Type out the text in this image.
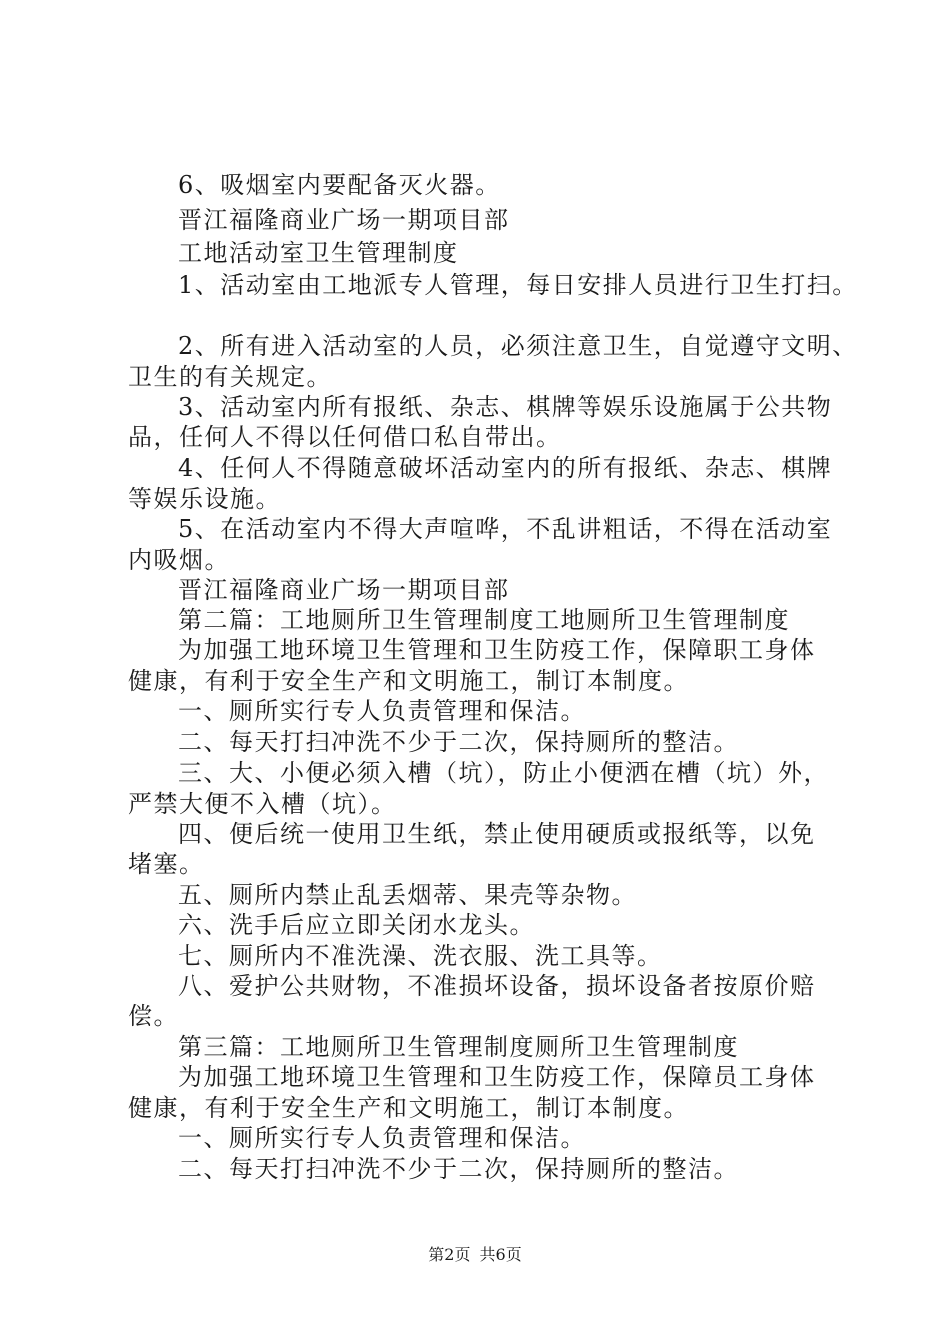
6、吸烟室内要配备灭火器。
晋江福隆商业广场一期项目部
工地活动室卫生管理制度
1、活动室由工地派专人管理，每日安排人员进行卫生打扫。
2、所有进入活动室的人员，必须注意卫生，自觉遵守文明、
卫生的有关规定。
3、活动室内所有报纸、杂志、棋牌等娱乐设施属于公共物
品，任何人不得以任何借口私自带出。
4、任何人不得随意破坏活动室内的所有报纸、杂志、棋牌
等娱乐设施。
5、在活动室内不得大声喧哗，不乱讲粗话，不得在活动室
内吸烟。
晋江福隆商业广场一期项目部
第二篇：工地厕所卫生管理制度工地厕所卫生管理制度
为加强工地环境卫生管理和卫生防疫工作，保障职工身体
健康，有利于安全生产和文明施工，制订本制度。
一、厕所实行专人负责管理和保洁。
二、每天打扫冲洗不少于二次，保持厕所的整洁。
三、大、小便必须入槽（坑），防止小便洒在槽（坑）外，
严禁大便不入槽（坑）。
四、便后统一使用卫生纸，禁止使用硬质或报纸等，以免
堵塞。
五、厕所内禁止乱丢烟蒂、果壳等杂物。
六、洗手后应立即关闭水龙头。
七、厕所内不准洗澡、洗衣服、洗工具等。
八、爱护公共财物，不准损坏设备，损坏设备者按原价赔
偿。
第三篇：工地厕所卫生管理制度厕所卫生管理制度
为加强工地环境卫生管理和卫生防疫工作，保障员工身体
健康，有利于安全生产和文明施工，制订本制度。
一、厕所实行专人负责管理和保洁。
二、每天打扫冲洗不少于二次，保持厕所的整洁。
第2页 共6页
